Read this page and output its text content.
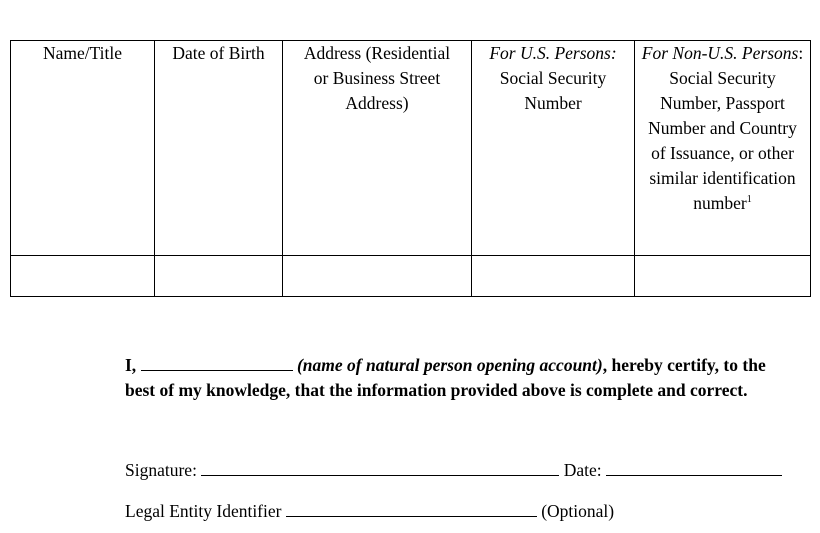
Name/Title	Date of Birth	Address (Residential or Business Street Address)	For U.S. Persons: Social Security Number	For Non-U.S. Persons: Social Security Number, Passport Number and Country of Issuance, or other similar identification number$^1$

I,	(name of natural person opening account), hereby certify, to the
best of my knowledge, that the information provided above is complete and correct.
Signature:	Date:
Legal Entity Identifier	(Optional)
